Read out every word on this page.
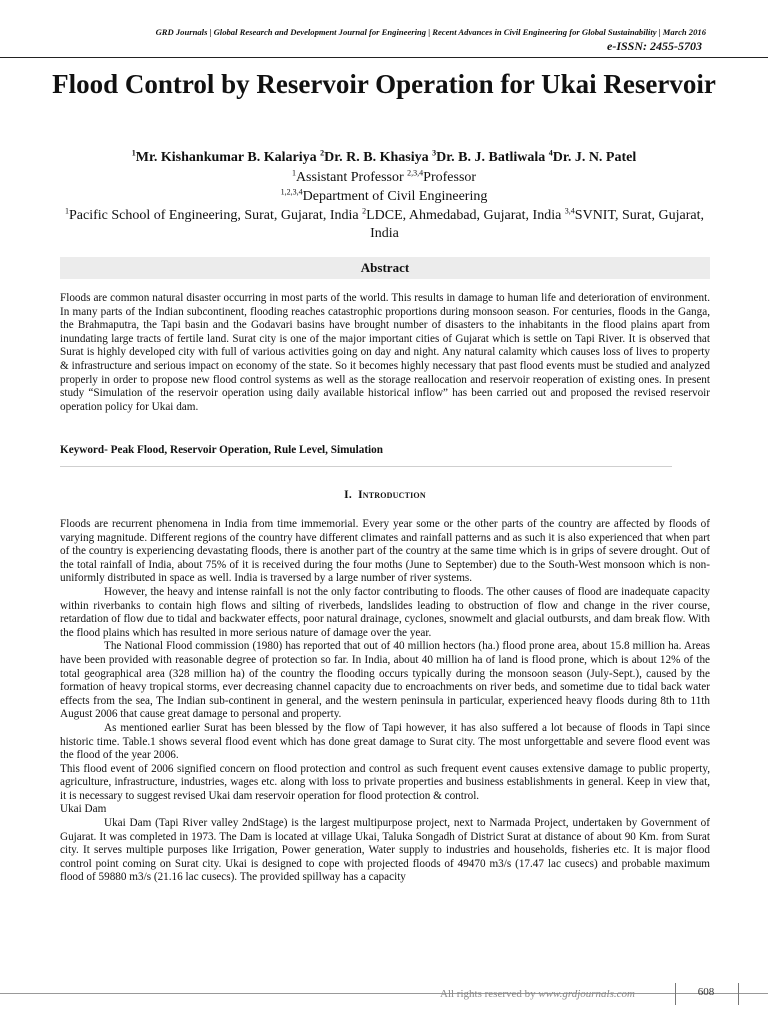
GRD Journals | Global Research and Development Journal for Engineering | Recent Advances in Civil Engineering for Global Sustainability | March 2016
e-ISSN: 2455-5703
Flood Control by Reservoir Operation for Ukai Reservoir
$^1$Mr. Kishankumar B. Kalariya $^2$Dr. R. B. Khasiya $^3$Dr. B. J. Batliwala $^4$Dr. J. N. Patel
$^1$Assistant Professor $^{2,3,4}$Professor
$^{1,2,3,4}$Department of Civil Engineering
$^1$Pacific School of Engineering, Surat, Gujarat, India $^2$LDCE, Ahmedabad, Gujarat, India $^{3,4}$SVNIT, Surat, Gujarat, India
Abstract
Floods are common natural disaster occurring in most parts of the world. This results in damage to human life and deterioration of environment. In many parts of the Indian subcontinent, flooding reaches catastrophic proportions during monsoon season. For centuries, floods in the Ganga, the Brahmaputra, the Tapi basin and the Godavari basins have brought number of disasters to the inhabitants in the flood plains apart from inundating large tracts of fertile land. Surat city is one of the major important cities of Gujarat which is settle on Tapi River. It is observed that Surat is highly developed city with full of various activities going on day and night. Any natural calamity which causes loss of lives to property & infrastructure and serious impact on economy of the state. So it becomes highly necessary that past flood events must be studied and analyzed properly in order to propose new flood control systems as well as the storage reallocation and reservoir reoperation of existing ones. In present study “Simulation of the reservoir operation using daily available historical inflow” has been carried out and proposed the revised reservoir operation policy for Ukai dam.
Keyword- Peak Flood, Reservoir Operation, Rule Level, Simulation
I. Introduction

Floods are recurrent phenomena in India from time immemorial. Every year some or the other parts of the country are affected by floods of varying magnitude. Different regions of the country have different climates and rainfall patterns and as such it is also experienced that when part of the country is experiencing devastating floods, there is another part of the country at the same time which is in grips of severe drought. Out of the total rainfall of India, about 75% of it is received during the four moths (June to September) due to the South-West monsoon which is non-uniformly distributed in space as well. India is traversed by a large number of river systems.

However, the heavy and intense rainfall is not the only factor contributing to floods. The other causes of flood are inadequate capacity within riverbanks to contain high flows and silting of riverbeds, landslides leading to obstruction of flow and change in the river course, retardation of flow due to tidal and backwater effects, poor natural drainage, cyclones, snowmelt and glacial outbursts, and dam break flow. With the flood plains which has resulted in more serious nature of damage over the year.

The National Flood commission (1980) has reported that out of 40 million hectors (ha.) flood prone area, about 15.8 million ha. Areas have been provided with reasonable degree of protection so far. In India, about 40 million ha of land is flood prone, which is about 12% of the total geographical area (328 million ha) of the country the flooding occurs typically during the monsoon season (July-Sept.), caused by the formation of heavy tropical storms, ever decreasing channel capacity due to encroachments on river beds, and sometime due to tidal back water effects from the sea, The Indian sub-continent in general, and the western peninsula in particular, experienced heavy floods during 8th to 11th August 2006 that cause great damage to personal and property.

As mentioned earlier Surat has been blessed by the flow of Tapi however, it has also suffered a lot because of floods in Tapi since historic time. Table.1 shows several flood event which has done great damage to Surat city. The most unforgettable and severe flood event was the flood of the year 2006.

This flood event of 2006 signified concern on flood protection and control as such frequent event causes extensive damage to public property, agriculture, infrastructure, industries, wages etc. along with loss to private properties and business establishments in general. Keep in view that, it is necessary to suggest revised Ukai dam reservoir operation for flood protection & control.

Ukai Dam

Ukai Dam (Tapi River valley 2ndStage) is the largest multipurpose project, next to Narmada Project, undertaken by Government of Gujarat. It was completed in 1973. The Dam is located at village Ukai, Taluka Songadh of District Surat at distance of about 90 Km. from Surat city. It serves multiple purposes like Irrigation, Power generation, Water supply to industries and households, fisheries etc. It is major flood control point coming on Surat city. Ukai is designed to cope with projected floods of 49470 m3/s (17.47 lac cusecs) and probable maximum flood of 59880 m3/s (21.16 lac cusecs). The provided spillway has a capacity

All rights reserved by www.grdjournals.com	608
